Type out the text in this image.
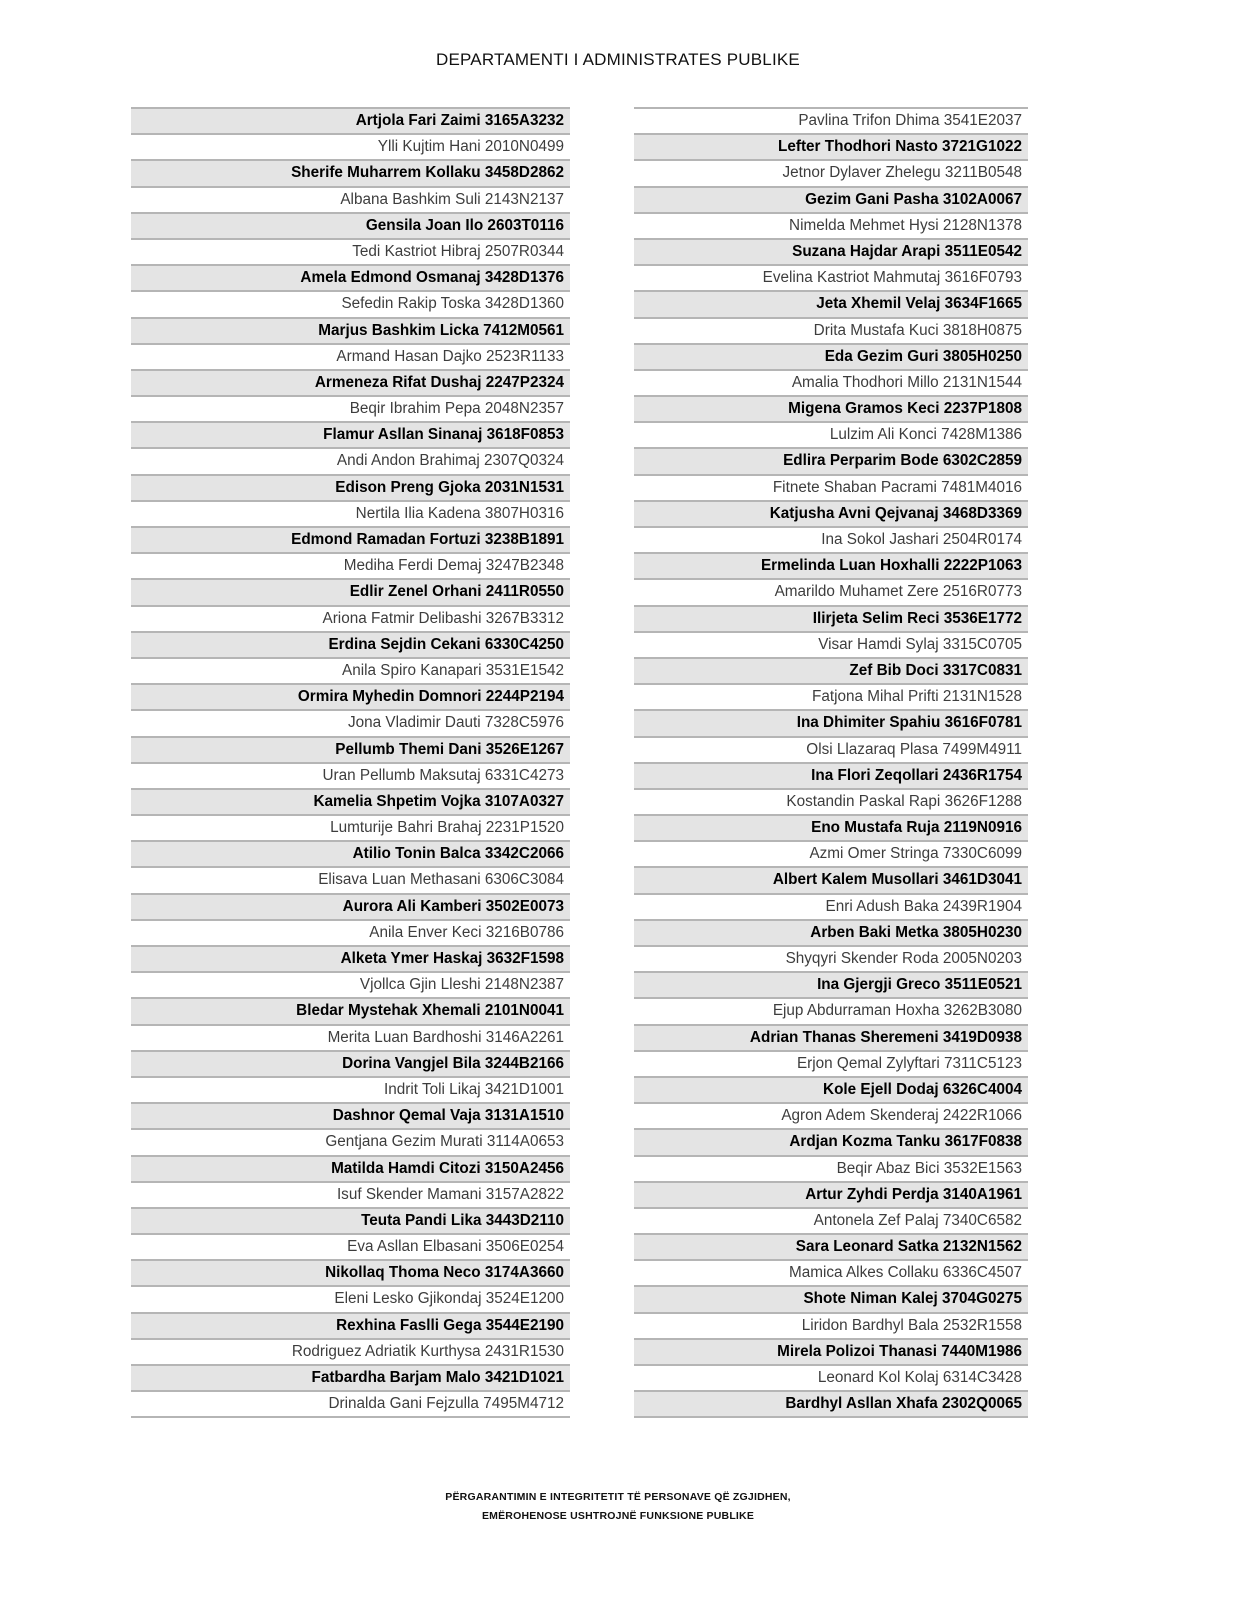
DEPARTAMENTI I ADMINISTRATES PUBLIKE
Artjola Fari Zaimi 3165A3232
Ylli Kujtim Hani 2010N0499
Sherife Muharrem Kollaku 3458D2862
Albana Bashkim Suli 2143N2137
Gensila Joan Ilo 2603T0116
Tedi Kastriot Hibraj 2507R0344
Amela Edmond Osmanaj 3428D1376
Sefedin Rakip Toska 3428D1360
Marjus Bashkim Licka 7412M0561
Armand Hasan Dajko 2523R1133
Armeneza Rifat Dushaj 2247P2324
Beqir Ibrahim Pepa 2048N2357
Flamur Asllan Sinanaj 3618F0853
Andi Andon Brahimaj 2307Q0324
Edison Preng Gjoka 2031N1531
Nertila Ilia Kadena 3807H0316
Edmond Ramadan Fortuzi 3238B1891
Mediha Ferdi Demaj 3247B2348
Edlir Zenel Orhani 2411R0550
Ariona Fatmir Delibashi 3267B3312
Erdina Sejdin Cekani 6330C4250
Anila Spiro Kanapari 3531E1542
Ormira Myhedin Domnori 2244P2194
Jona Vladimir Dauti 7328C5976
Pellumb Themi Dani 3526E1267
Uran Pellumb Maksutaj 6331C4273
Kamelia Shpetim Vojka 3107A0327
Lumturije Bahri Brahaj 2231P1520
Atilio Tonin Balca 3342C2066
Elisava Luan Methasani 6306C3084
Aurora Ali Kamberi 3502E0073
Anila Enver Keci 3216B0786
Alketa Ymer Haskaj 3632F1598
Vjollca Gjin Lleshi 2148N2387
Bledar Mystehak Xhemali 2101N0041
Merita Luan Bardhoshi 3146A2261
Dorina Vangjel Bila 3244B2166
Indrit Toli Likaj 3421D1001
Dashnor Qemal Vaja 3131A1510
Gentjana Gezim Murati 3114A0653
Matilda Hamdi Citozi 3150A2456
Isuf Skender Mamani 3157A2822
Teuta Pandi Lika 3443D2110
Eva Asllan Elbasani 3506E0254
Nikollaq Thoma Neco 3174A3660
Eleni Lesko Gjikondaj 3524E1200
Rexhina Faslli Gega 3544E2190
Rodriguez Adriatik Kurthysa 2431R1530
Fatbardha Barjam Malo 3421D1021
Drinalda Gani Fejzulla 7495M4712
Pavlina Trifon Dhima 3541E2037
Lefter Thodhori Nasto 3721G1022
Jetnor Dylaver Zhelegu 3211B0548
Gezim Gani Pasha 3102A0067
Nimelda Mehmet Hysi 2128N1378
Suzana Hajdar Arapi 3511E0542
Evelina Kastriot Mahmutaj 3616F0793
Jeta Xhemil Velaj 3634F1665
Drita Mustafa Kuci 3818H0875
Eda Gezim Guri 3805H0250
Amalia Thodhori Millo 2131N1544
Migena Gramos Keci 2237P1808
Lulzim Ali Konci 7428M1386
Edlira Perparim Bode 6302C2859
Fitnete Shaban Pacrami 7481M4016
Katjusha Avni Qejvanaj 3468D3369
Ina Sokol Jashari 2504R0174
Ermelinda Luan Hoxhalli 2222P1063
Amarildo Muhamet Zere 2516R0773
Ilirjeta Selim Reci 3536E1772
Visar Hamdi Sylaj 3315C0705
Zef Bib Doci 3317C0831
Fatjona Mihal Prifti 2131N1528
Ina Dhimiter Spahiu 3616F0781
Olsi Llazaraq Plasa 7499M4911
Ina Flori Zeqollari 2436R1754
Kostandin Paskal Rapi 3626F1288
Eno Mustafa Ruja 2119N0916
Azmi Omer Stringa 7330C6099
Albert Kalem Musollari 3461D3041
Enri Adush Baka 2439R1904
Arben Baki Metka 3805H0230
Shyqyri Skender Roda 2005N0203
Ina Gjergji Greco 3511E0521
Ejup Abdurraman Hoxha 3262B3080
Adrian Thanas Sheremeni 3419D0938
Erjon Qemal Zylyftari 7311C5123
Kole Ejell Dodaj 6326C4004
Agron Adem Skenderaj 2422R1066
Ardjan Kozma Tanku 3617F0838
Beqir Abaz Bici 3532E1563
Artur Zyhdi Perdja 3140A1961
Antonela Zef Palaj 7340C6582
Sara Leonard Satka 2132N1562
Mamica Alkes Collaku 6336C4507
Shote Niman Kalej 3704G0275
Liridon Bardhyl Bala 2532R1558
Mirela Polizoi Thanasi 7440M1986
Leonard Kol Kolaj 6314C3428
Bardhyl Asllan Xhafa 2302Q0065
PËRGARANTIMIN E INTEGRITETIT TË PERSONAVE QË ZGJIDHEN,
EMËROHENOSE USHTROJNË FUNKSIONE PUBLIKE
